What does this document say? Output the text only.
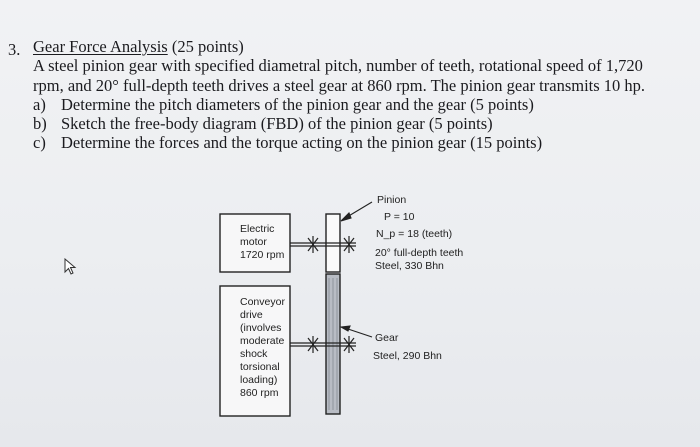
3. Gear Force Analysis (25 points)
A steel pinion gear with specified diametral pitch, number of teeth, rotational speed of 1,720
rpm, and 20° full-depth teeth drives a steel gear at 860 rpm. The pinion gear transmits 10 hp.
a) Determine the pitch diameters of the pinion gear and the gear (5 points)
b) Sketch the free-body diagram (FBD) of the pinion gear (5 points)
c) Determine the forces and the torque acting on the pinion gear (15 points)
Electric
motor
1720 rpm
Conveyor
drive
(involves
moderate
shock
torsional
loading)
860 rpm
Pinion
P = 10
N_p = 18 (teeth)
20° full-depth teeth
Steel, 330 Bhn
Gear
Steel, 290 Bhn
